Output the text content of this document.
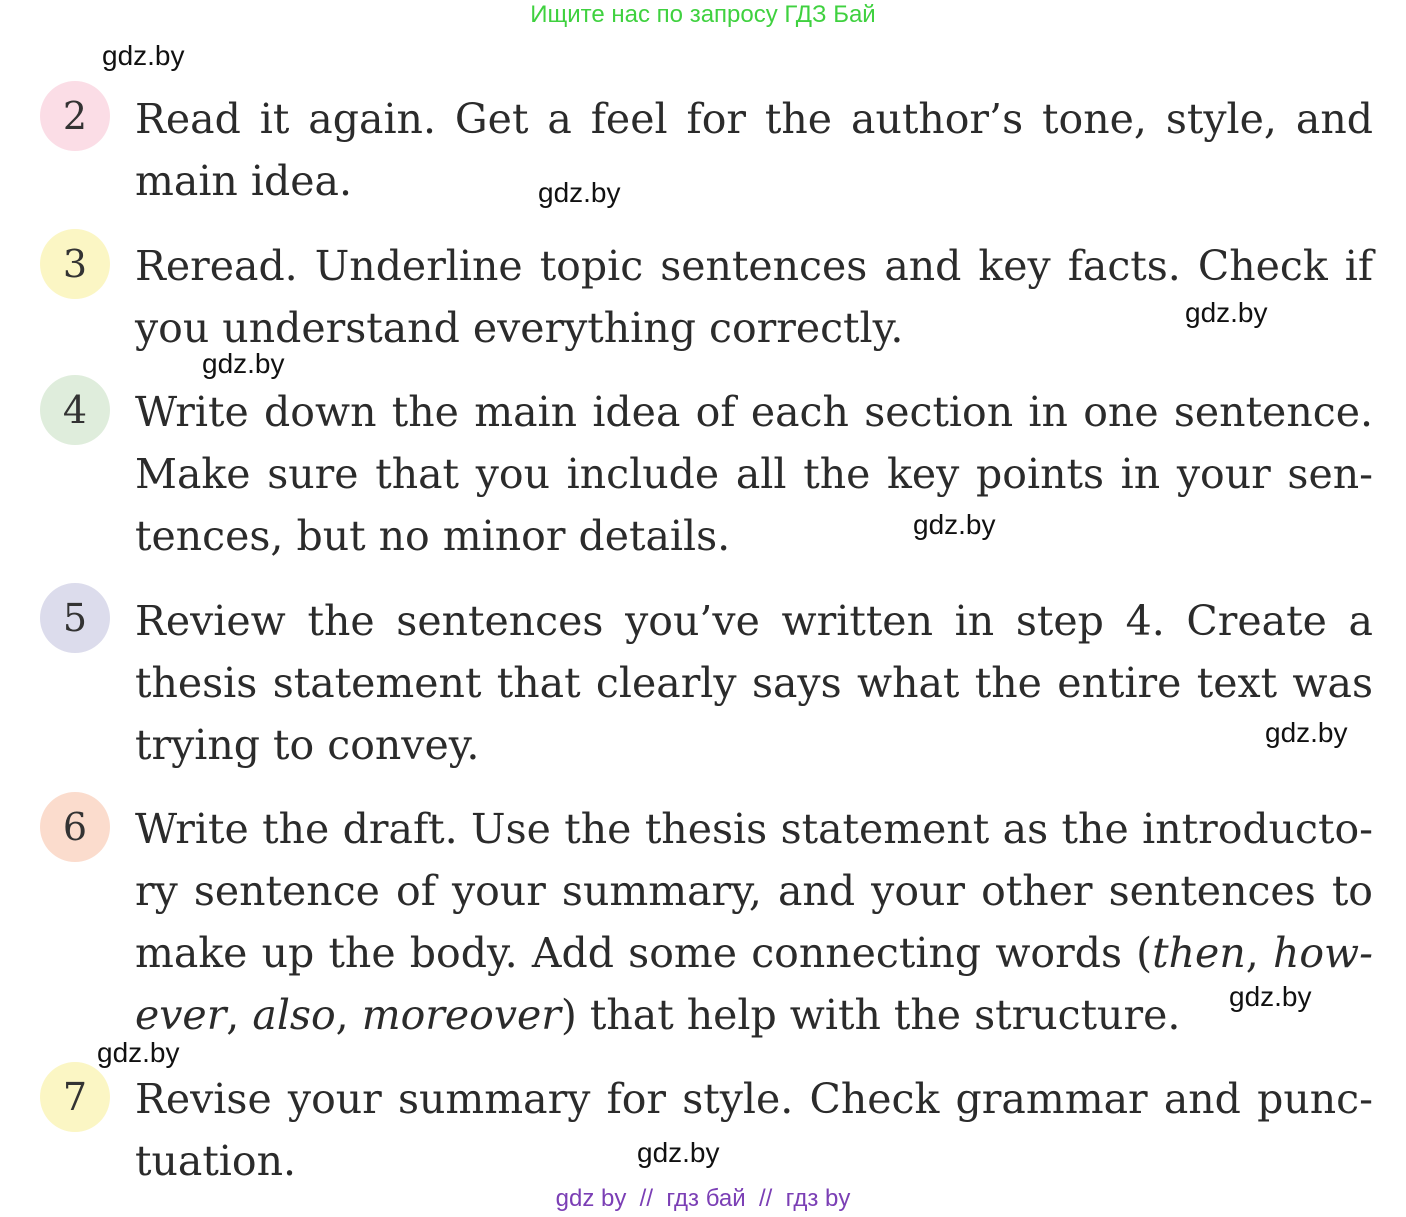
Ищите нас по запросу ГДЗ Бай
gdz.by
gdz.by
gdz.by
gdz.by
gdz.by
gdz.by
gdz.by
gdz.by
gdz.by
2	Read it again. Get a feel for the author’s tone, style, and
main idea.
3	Reread. Underline topic sentences and key facts. Check if
you understand everything correctly.
4	Write down the main idea of each section in one sentence.
Make sure that you include all the key points in your sen-
tences, but no minor details.
5	Review the sentences you’ve written in step 4. Create a
thesis statement that clearly says what the entire text was
trying to convey.
6	Write the draft. Use the thesis statement as the introducto-
ry sentence of your summary, and your other sentences to
make up the body. Add some connecting words (then, how-
ever, also, moreover) that help with the structure.
7	Revise your summary for style. Check grammar and punc-
tuation.
gdz by  //  гдз бай  //  гдз by
